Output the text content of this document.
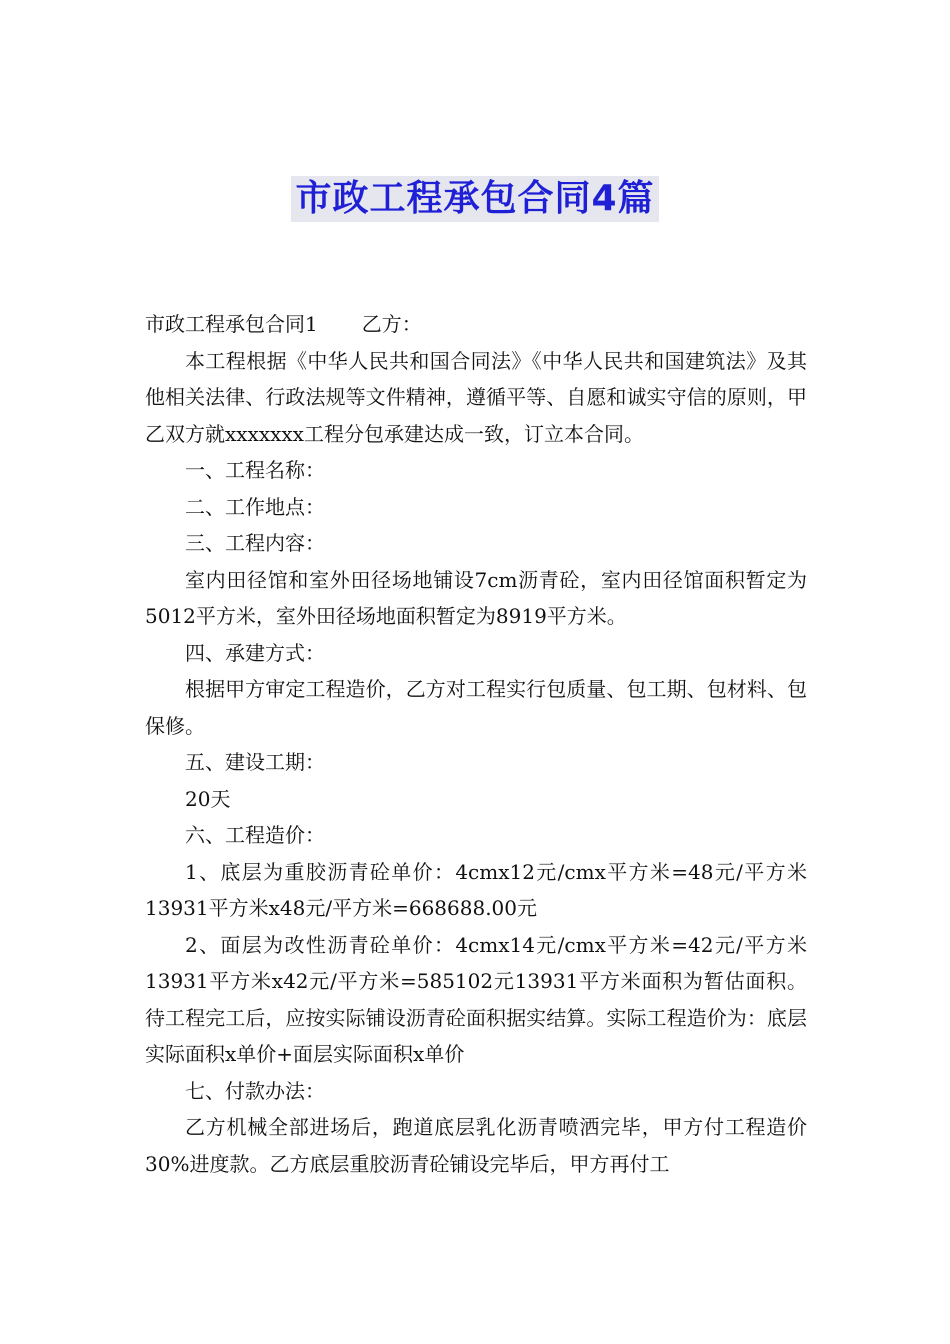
市政工程承包合同4篇

市政工程承包合同1 乙方：

本工程根据《中华人民共和国合同法》《中华人民共和国建筑法》及其他相关法律、行政法规等文件精神，遵循平等、自愿和诚实守信的原则，甲乙双方就xxxxxxx工程分包承建达成一致，订立本合同。

一、工程名称：

二、工作地点：

三、工程内容：

室内田径馆和室外田径场地铺设7cm沥青砼，室内田径馆面积暂定为5012平方米，室外田径场地面积暂定为8919平方米。

四、承建方式：

根据甲方审定工程造价，乙方对工程实行包质量、包工期、包材料、包保修。

五、建设工期：

20天

六、工程造价：

1、底层为重胶沥青砼单价：4cmx12元/cmx平方米=48元/平方米13931平方米x48元/平方米=668688.00元

2、面层为改性沥青砼单价：4cmx14元/cmx平方米=42元/平方米13931平方米x42元/平方米=585102元13931平方米面积为暂估面积。待工程完工后，应按实际铺设沥青砼面积据实结算。实际工程造价为：底层实际面积x单价+面层实际面积x单价

七、付款办法：

乙方机械全部进场后，跑道底层乳化沥青喷洒完毕，甲方付工程造价30%进度款。乙方底层重胶沥青砼铺设完毕后，甲方再付工
